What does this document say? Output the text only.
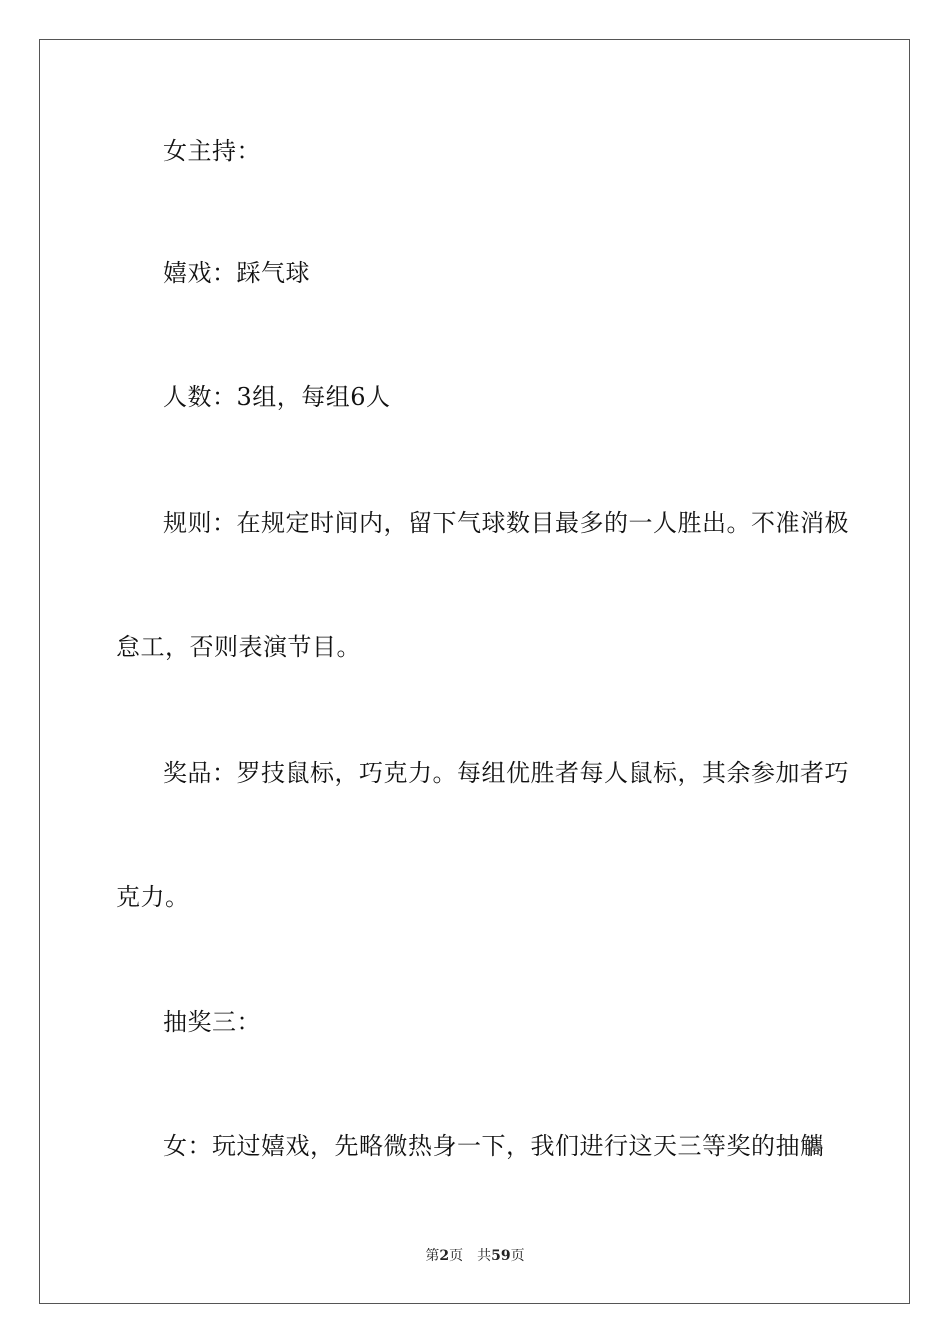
女主持：
嬉戏：踩气球
人数：3组，每组6人
规则：在规定时间内，留下气球数目最多的一人胜出。不准消极
怠工，否则表演节目。
奖品：罗技鼠标，巧克力。每组优胜者每人鼠标，其余参加者巧
克力。
抽奖三：
女：玩过嬉戏，先略微热身一下，我们进行这天三等奖的抽觿
第2页 共59页
